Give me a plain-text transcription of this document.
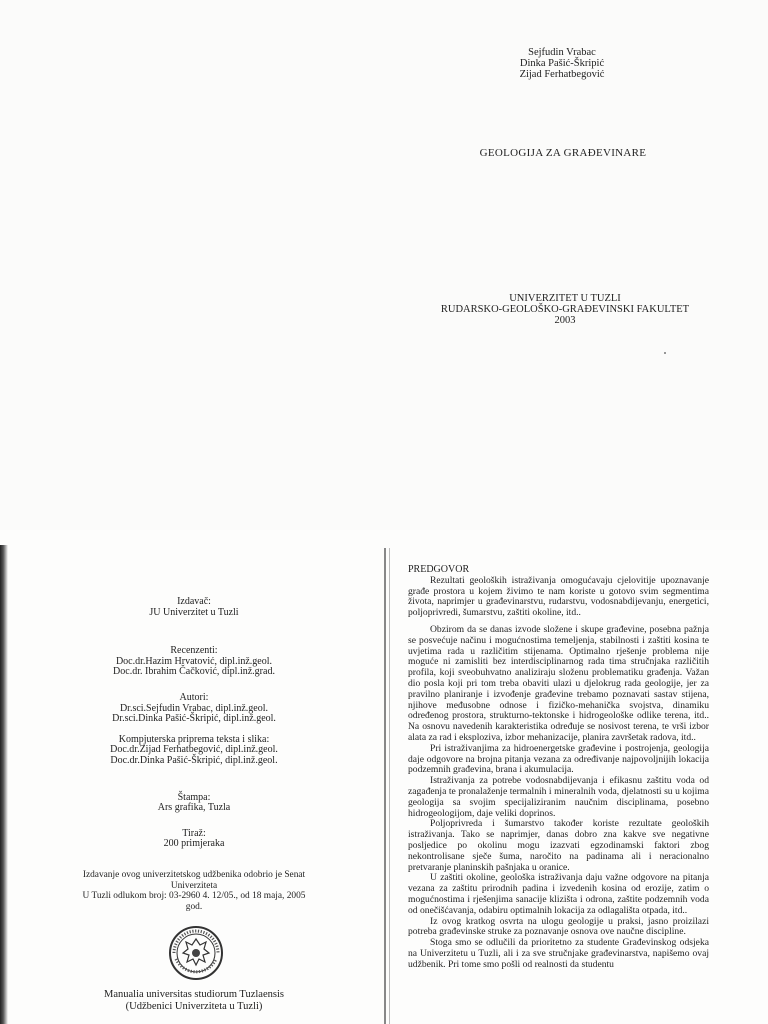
Sejfudin Vrabac
Dinka Pašić-Škripić
Zijad Ferhatbegović
GEOLOGIJA ZA GRAĐEVINARE
UNIVERZITET U TUZLI
RUDARSKO-GEOLOŠKO-GRAĐEVINSKI FAKULTET
2003
Izdavač:
JU Univerzitet u Tuzli
Recenzenti:
Doc.dr.Hazim Hrvatović, dipl.inž.geol.
Doc.dr. Ibrahim Čačković, dipl.inž.grad.
Autori:
Dr.sci.Sejfudin Vrabac, dipl.inž.geol.
Dr.sci.Dinka Pašić-Škripić, dipl.inž.geol.
Kompjuterska priprema teksta i slika:
Doc.dr.Zijad Ferhatbegović, dipl.inž.geol.
Doc.dr.Dinka Pašić-Škripić, dipl.inž.geol.
Štampa:
Ars grafika, Tuzla
Tiraž:
200 primjeraka
Izdavanje ovog univerzitetskog udžbenika odobrio je Senat Univerziteta
U Tuzli odlukom broj: 03-2960 4. 12/05., od 18 maja, 2005 god.
Manualia universitas studiorum Tuzlaensis
(Udžbenici Univerziteta u Tuzli)
PREDGOVOR

Rezultati geoloških istraživanja omogućavaju cjelovitije upoznavanje građe prostora u kojem živimo te nam koriste u gotovo svim segmentima života, naprimjer u građevinarstvu, rudarstvu, vodosnabdijevanju, energetici, poljoprivredi, šumarstvu, zaštiti okoline, itd..

Obzirom da se danas izvode složene i skupe građevine, posebna pažnja se posvećuje načinu i mogućnostima temeljenja, stabilnosti i zaštiti kosina te uvjetima rada u različitim stijenama. Optimalno rješenje problema nije moguće ni zamisliti bez interdisciplinarnog rada tima stručnjaka različitih profila, koji sveobuhvatno analiziraju složenu problematiku građenja. Važan dio posla koji pri tom treba obaviti ulazi u djelokrug rada geologije, jer za pravilno planiranje i izvođenje građevine trebamo poznavati sastav stijena, njihove međusobne odnose i fizičko-mehanička svojstva, dinamiku određenog prostora, strukturno-tektonske i hidrogeološke odlike terena, itd.. Na osnovu navedenih karakteristika određuje se nosivost terena, te vrši izbor alata za rad i eksploziva, izbor mehanizacije, planira završetak radova, itd..

Pri istraživanjima za hidroenergetske građevine i postrojenja, geologija daje odgovore na brojna pitanja vezana za određivanje najpovoljnijih lokacija podzemnih građevina, brana i akumulacija.

Istraživanja za potrebe vodosnabdijevanja i efikasnu zaštitu voda od zagađenja te pronalaženje termalnih i mineralnih voda, djelatnosti su u kojima geologija sa svojim specijaliziranim naučnim disciplinama, posebno hidrogeologijom, daje veliki doprinos.

Poljoprivreda i šumarstvo također koriste rezultate geoloških istraživanja. Tako se naprimjer, danas dobro zna kakve sve negativne posljedice po okolinu mogu izazvati egzodinamski faktori zbog nekontrolisane sječe šuma, naročito na padinama ali i neracionalno pretvaranje planinskih pašnjaka u oranice.

U zaštiti okoline, geološka istraživanja daju važne odgovore na pitanja vezana za zaštitu prirodnih padina i izvedenih kosina od erozije, zatim o mogućnostima i rješenjima sanacije klizišta i odrona, zaštite podzemnih voda od onečišćavanja, odabiru optimalnih lokacija za odlagališta otpada, itd..

Iz ovog kratkog osvrta na ulogu geologije u praksi, jasno proizilazi potreba građevinske struke za poznavanje osnova ove naučne discipline.

Stoga smo se odlučili da prioritetno za studente Građevinskog odsjeka na Univerzitetu u Tuzli, ali i za sve stručnjake građevinarstva, napišemo ovaj udžbenik. Pri tome smo pošli od realnosti da studentu
